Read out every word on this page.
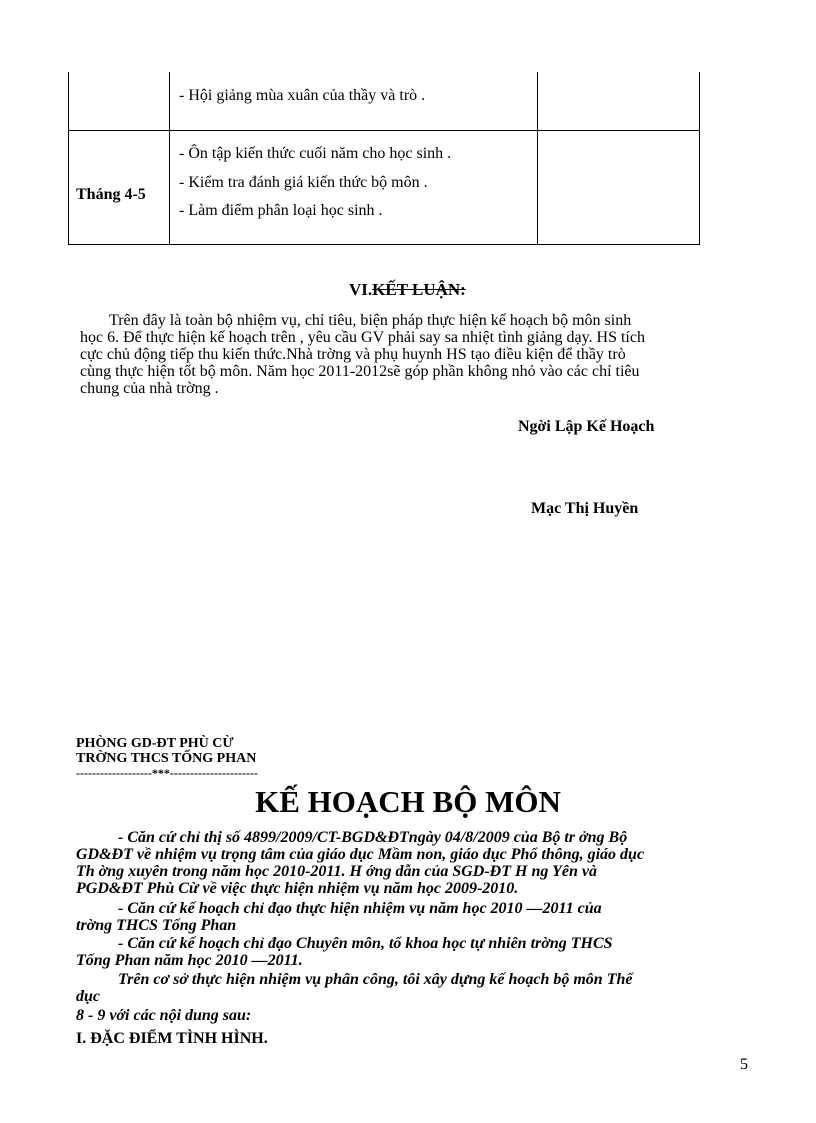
- Hội giảng mùa xuân của thầy và trò .
Tháng 4-5
- Ôn tập kiến thức cuối năm cho học sinh .
- Kiểm tra đánh giá kiến thức bộ môn .
- Làm điểm phân loại học sinh .
VI.KẾT LUẬN:
Trên đây là toàn bộ nhiệm vụ, chỉ tiêu, biện pháp thực hiện kế hoạch bộ môn sinh
học 6. Để thực hiện kế hoạch trên , yêu cầu GV phải say sa nhiệt tình giảng dạy. HS tích
cực chủ động tiếp thu kiến thức.Nhà trờng và phụ huynh HS tạo điều kiện để thầy trò
cùng thực hiện tốt bộ môn. Năm học 2011-2012sẽ góp phần không nhỏ vào các chỉ tiêu
chung của nhà trờng .
Ngời Lập Kế Hoạch
Mạc Thị Huyền
PHÒNG GD-ĐT PHÙ CỪ
TRỜNG THCS TỐNG PHAN
-------------------***----------------------
KẾ HOẠCH BỘ MÔN
- Căn cứ chỉ thị số 4899/2009/CT-BGD&ĐTngày 04/8/2009 của Bộ tr ởng Bộ
GD&ĐT về nhiệm vụ trọng tâm của giáo dục Mầm non, giáo dục Phổ thông, giáo dục
Th ờng xuyên trong năm học 2010-2011. H ớng dẫn của SGD-ĐT H ng Yên và
PGD&ĐT Phù Cừ về việc thực hiện nhiệm vụ năm học 2009-2010.
- Căn cứ kế hoạch chỉ đạo thực hiện nhiệm vụ năm học 2010 —2011 của
trờng THCS Tống Phan
- Căn cứ kế hoạch chỉ đạo Chuyên môn, tổ khoa học tự nhiên trờng THCS
Tống Phan năm học 2010 —2011.
Trên cơ sở thực hiện nhiệm vụ phân công, tôi xây dựng kế hoạch bộ môn Thể
dục
8 - 9 với các nội dung sau:
I. ĐẶC ĐIỂM TÌNH HÌNH.
5
